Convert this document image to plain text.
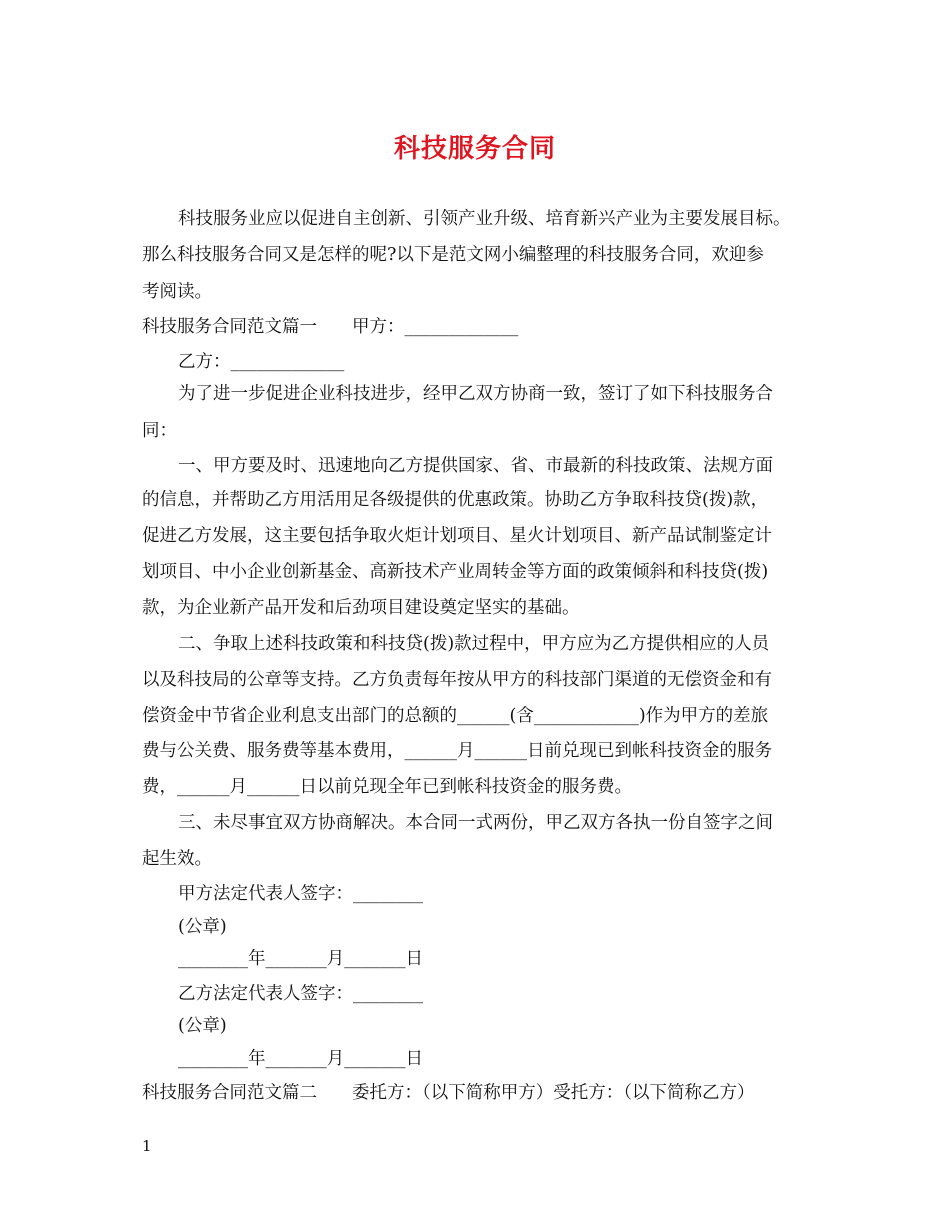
科技服务合同
科技服务业应以促进自主创新、引领产业升级、培育新兴产业为主要发展目标。
那么科技服务合同又是怎样的呢?以下是范文网小编整理的科技服务合同，欢迎参
考阅读。
科技服务合同范文篇一　　甲方：_____________
乙方：_____________
为了进一步促进企业科技进步，经甲乙双方协商一致，签订了如下科技服务合
同：
一、甲方要及时、迅速地向乙方提供国家、省、市最新的科技政策、法规方面
的信息，并帮助乙方用活用足各级提供的优惠政策。协助乙方争取科技贷(拨)款，
促进乙方发展，这主要包括争取火炬计划项目、星火计划项目、新产品试制鉴定计
划项目、中小企业创新基金、高新技术产业周转金等方面的政策倾斜和科技贷(拨)
款，为企业新产品开发和后劲项目建设奠定坚实的基础。
二、争取上述科技政策和科技贷(拨)款过程中，甲方应为乙方提供相应的人员
以及科技局的公章等支持。乙方负责每年按从甲方的科技部门渠道的无偿资金和有
偿资金中节省企业利息支出部门的总额的______(含____________)作为甲方的差旅
费与公关费、服务费等基本费用，______月______日前兑现已到帐科技资金的服务
费，______月______日以前兑现全年已到帐科技资金的服务费。
三、未尽事宜双方协商解决。本合同一式两份，甲乙双方各执一份自签字之间
起生效。
甲方法定代表人签字：________
(公章)
________年_______月_______日
乙方法定代表人签字：________
(公章)
________年_______月_______日
科技服务合同范文篇二　　委托方：（以下简称甲方）受托方：（以下简称乙方）
1
